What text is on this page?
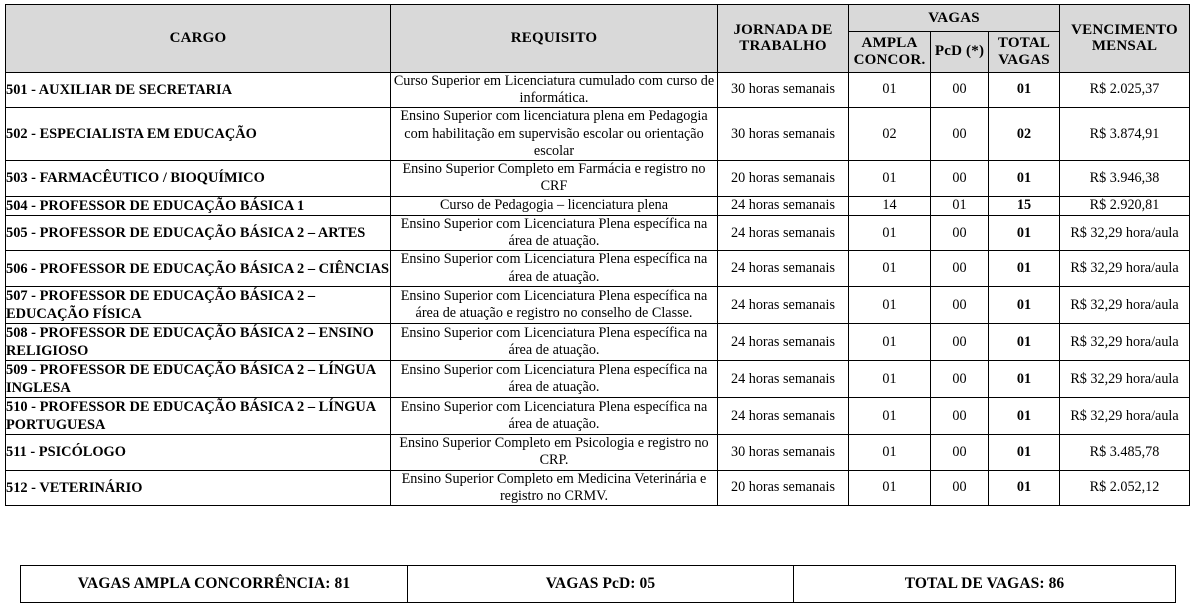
CARGO	REQUISITO	JORNADA DE TRABALHO	VAGAS			VENCIMENTO MENSAL
			AMPLA CONCOR.	PcD (*)	TOTAL VAGAS	
501 - AUXILIAR DE SECRETARIA	Curso Superior em Licenciatura cumulado com curso de informática.	30 horas semanais	01	00	01	R$ 2.025,37
502 - ESPECIALISTA EM EDUCAÇÃO	Ensino Superior com licenciatura plena em Pedagogia com habilitação em supervisão escolar ou orientação escolar	30 horas semanais	02	00	02	R$ 3.874,91
503 - FARMACÊUTICO / BIOQUÍMICO	Ensino Superior Completo em Farmácia e registro no CRF	20 horas semanais	01	00	01	R$ 3.946,38
504 - PROFESSOR DE EDUCAÇÃO BÁSICA 1	Curso de Pedagogia – licenciatura plena	24 horas semanais	14	01	15	R$ 2.920,81
505 - PROFESSOR DE EDUCAÇÃO BÁSICA 2 – ARTES	Ensino Superior com Licenciatura Plena específica na área de atuação.	24 horas semanais	01	00	01	R$ 32,29 hora/aula
506 - PROFESSOR DE EDUCAÇÃO BÁSICA 2 – CIÊNCIAS	Ensino Superior com Licenciatura Plena específica na área de atuação.	24 horas semanais	01	00	01	R$ 32,29 hora/aula
507 - PROFESSOR DE EDUCAÇÃO BÁSICA 2 – EDUCAÇÃO FÍSICA	Ensino Superior com Licenciatura Plena específica na área de atuação e registro no conselho de Classe.	24 horas semanais	01	00	01	R$ 32,29 hora/aula
508 - PROFESSOR DE EDUCAÇÃO BÁSICA 2 – ENSINO RELIGIOSO	Ensino Superior com Licenciatura Plena específica na área de atuação.	24 horas semanais	01	00	01	R$ 32,29 hora/aula
509 - PROFESSOR DE EDUCAÇÃO BÁSICA 2 – LÍNGUA INGLESA	Ensino Superior com Licenciatura Plena específica na área de atuação.	24 horas semanais	01	00	01	R$ 32,29 hora/aula
510 - PROFESSOR DE EDUCAÇÃO BÁSICA 2 – LÍNGUA PORTUGUESA	Ensino Superior com Licenciatura Plena específica na área de atuação.	24 horas semanais	01	00	01	R$ 32,29 hora/aula
511 - PSICÓLOGO	Ensino Superior Completo em Psicologia e registro no CRP.	30 horas semanais	01	00	01	R$ 3.485,78
512 - VETERINÁRIO	Ensino Superior Completo em Medicina Veterinária e registro no CRMV.	20 horas semanais	01	00	01	R$ 2.052,12
VAGAS AMPLA CONCORRÊNCIA: 81	VAGAS PcD: 05	TOTAL DE VAGAS: 86
